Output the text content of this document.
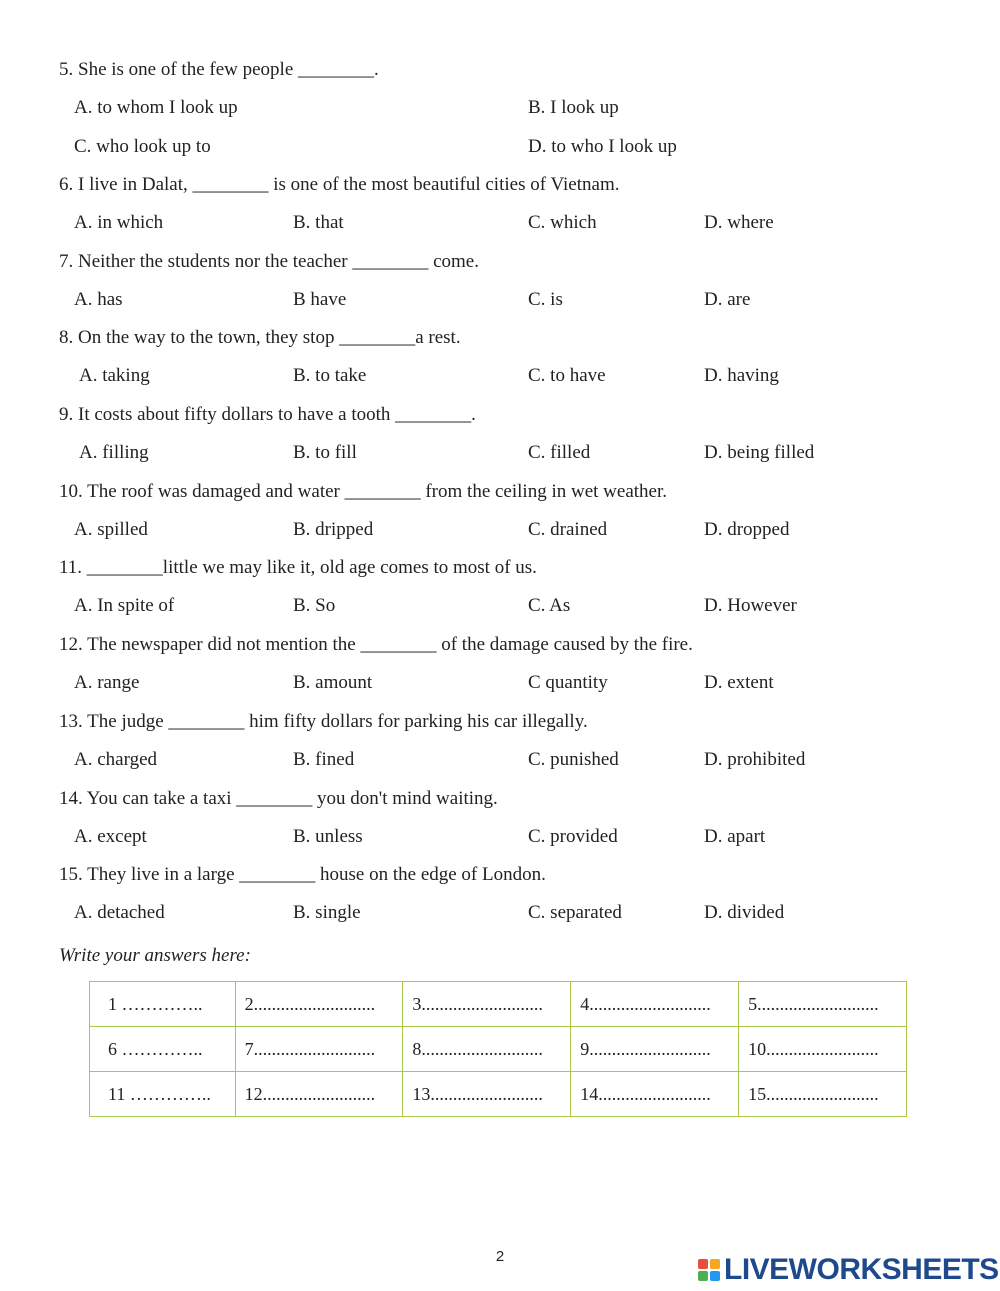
5. She is one of the few people ________.
A. to whom I look up	B. I look up
C. who look up to	D. to who I look up
6. I live in Dalat, ________ is one of the most beautiful cities of Vietnam.
A. in which	B. that	C. which	D. where
7. Neither the students nor the teacher ________ come.
A. has	B have	C. is	D. are
8. On the way to the town, they stop ________a rest.
A. taking	B. to take	C. to have	D. having
9. It costs about fifty dollars to have a tooth ________.
A. filling	B. to fill	C. filled	D. being filled
10. The roof was damaged and water ________ from the ceiling in wet weather.
A. spilled	B. dripped	C. drained	D. dropped
11. ________little we may like it, old age comes to most of us.
A. In spite of	B. So	C. As	D. However
12. The newspaper did not mention the ________ of the damage caused by the fire.
A. range	B. amount	C quantity	D. extent
13. The judge ________ him fifty dollars for parking his car illegally.
A. charged	B. fined	C. punished	D. prohibited
14. You can take a taxi ________ you don't mind waiting.
A. except	B. unless	C. provided	D. apart
15. They live in a large ________ house on the edge of London.
A. detached	B. single	C. separated	D. divided
Write your answers here:
1 …………..	2...........................	3...........................	4...........................	5...........................
6 …………..	7...........................	8...........................	9...........................	10.........................
11 …………..	12.........................	13.........................	14.........................	15.........................
2	LIVEWORKSHEETS
